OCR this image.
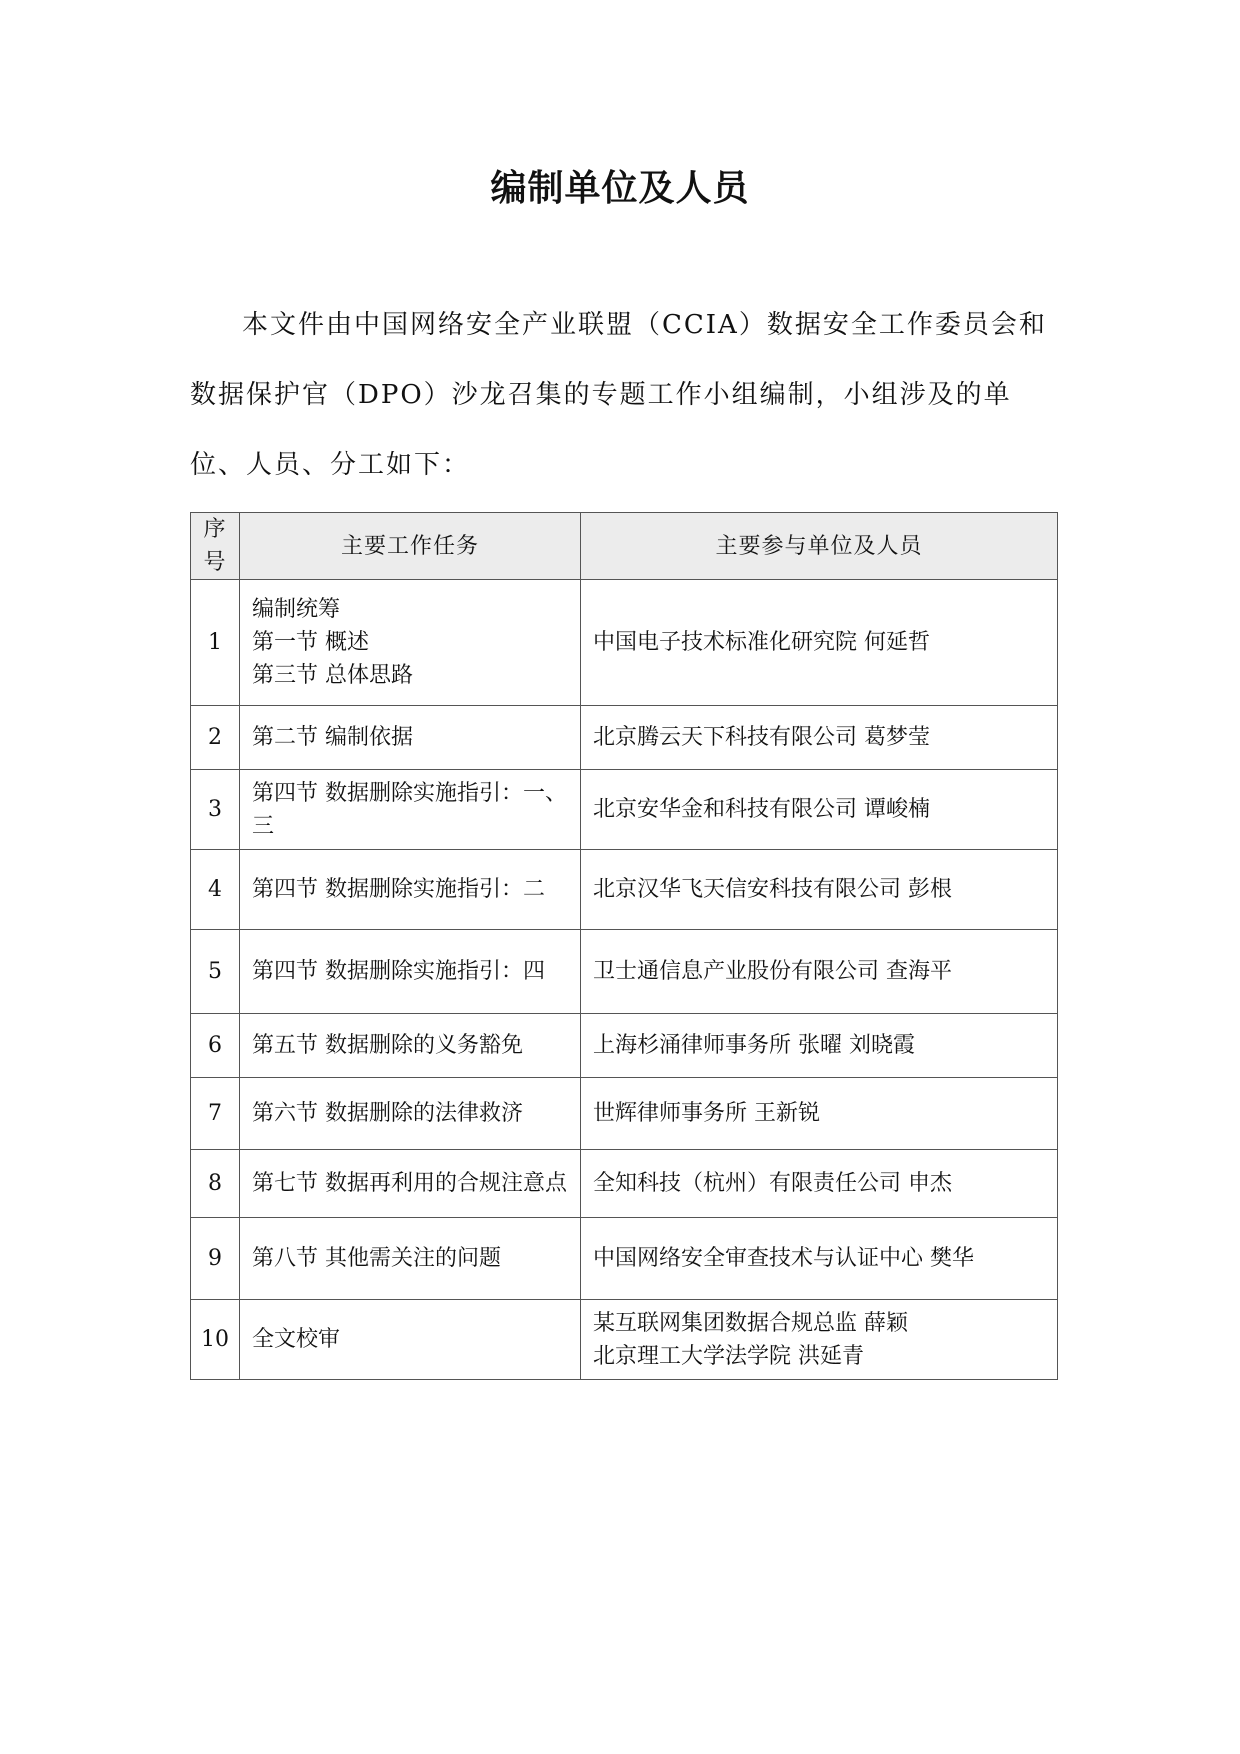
编制单位及人员

本文件由中国网络安全产业联盟（CCIA）数据安全工作委员会和数据保护官（DPO）沙龙召集的专题工作小组编制，小组涉及的单位、人员、分工如下：

序号	主要工作任务	主要参与单位及人员
1	编制统筹
第一节 概述
第三节 总体思路	中国电子技术标准化研究院 何延哲

2	第二节 编制依据	北京腾云天下科技有限公司 葛梦莹

3	第四节 数据删除实施指引：一、三	北京安华金和科技有限公司 谭峻楠

4	第四节 数据删除实施指引：二	北京汉华飞天信安科技有限公司 彭根

5	第四节 数据删除实施指引：四	卫士通信息产业股份有限公司 查海平

6	第五节 数据删除的义务豁免	上海杉涌律师事务所 张曜 刘晓霞

7	第六节 数据删除的法律救济	世辉律师事务所 王新锐

8	第七节 数据再利用的合规注意点	全知科技（杭州）有限责任公司 申杰

9	第八节 其他需关注的问题	中国网络安全审查技术与认证中心 樊华

10	全文校审	某互联网集团数据合规总监 薛颖
北京理工大学法学院 洪延青
